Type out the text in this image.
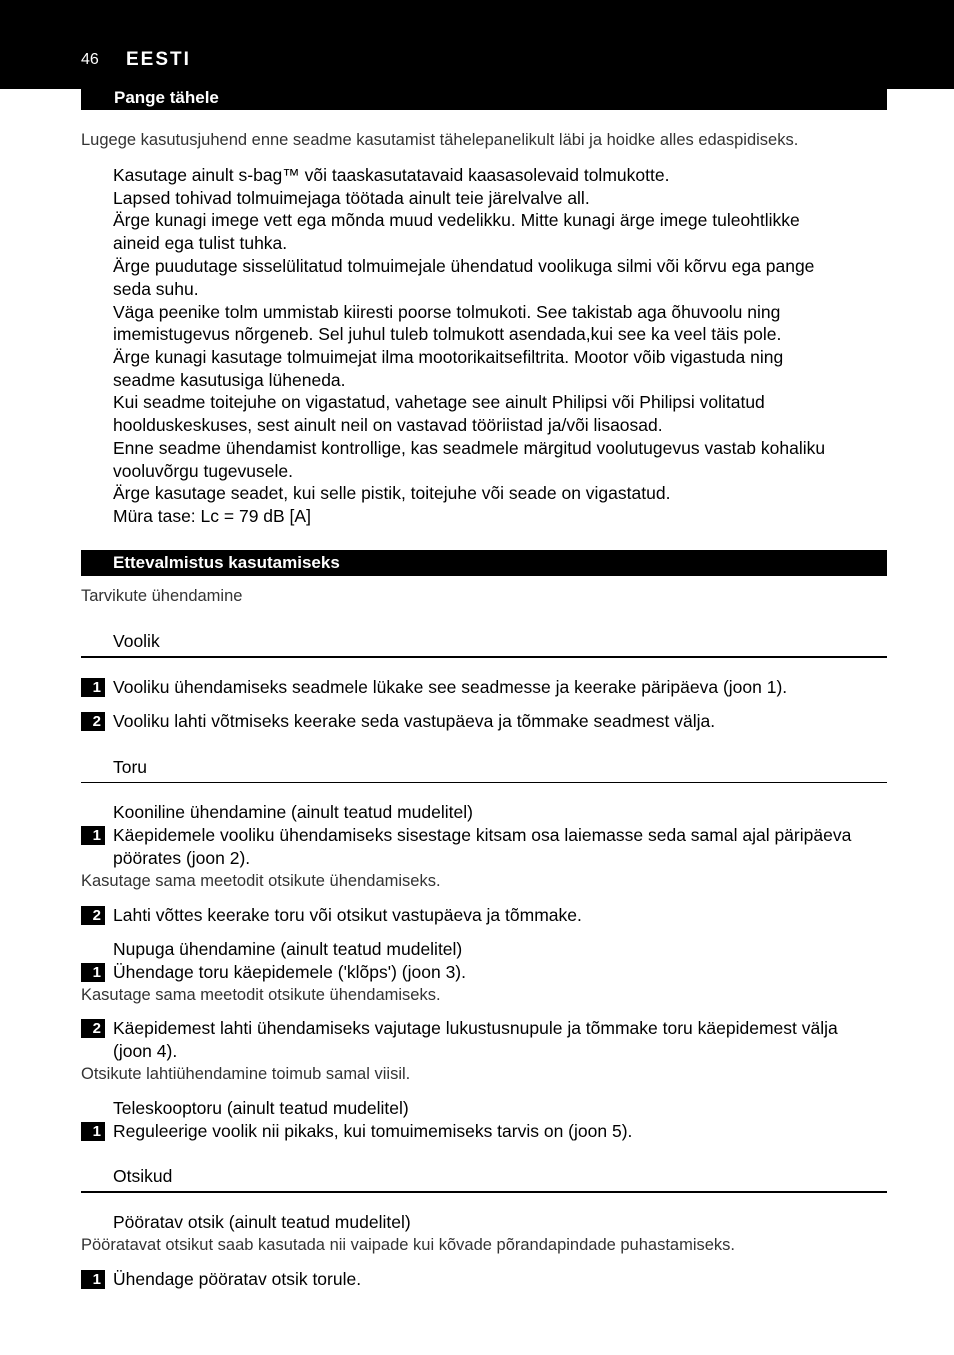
46 EESTI
Pange tähele
Lugege kasutusjuhend enne seadme kasutamist tähelepanelikult läbi ja hoidke alles edaspidiseks.
Kasutage ainult s-bag™ või taaskasutatavaid kaasasolevaid tolmukotte.
Lapsed tohivad tolmuimejaga töötada ainult teie järelvalve all.
Ärge kunagi imege vett ega mõnda muud vedelikku. Mitte kunagi ärge imege tuleohtlikke
aineid ega tulist tuhka.
Ärge puudutage sisselülitatud tolmuimejale ühendatud voolikuga silmi või kõrvu ega pange
seda suhu.
Väga peenike tolm ummistab kiiresti poorse tolmukoti. See takistab aga õhuvoolu ning
imemistugevus nõrgeneb. Sel juhul tuleb tolmukott asendada,kui see ka veel täis pole.
Ärge kunagi kasutage tolmuimejat ilma mootorikaitsefiltrita. Mootor võib vigastuda ning
seadme kasutusiga lüheneda.
Kui seadme toitejuhe on vigastatud, vahetage see ainult Philipsi või Philipsi volitatud
hoolduskeskuses, sest ainult neil on vastavad tööriistad ja/või lisaosad.
Enne seadme ühendamist kontrollige, kas seadmele märgitud voolutugevus vastab kohaliku
vooluvõrgu tugevusele.
Ärge kasutage seadet, kui selle pistik, toitejuhe või seade on vigastatud.
Müra tase: Lc = 79 dB [A]
Ettevalmistus kasutamiseks
Tarvikute ühendamine
Voolik
1 Vooliku ühendamiseks seadmele lükake see seadmesse ja keerake päripäeva (joon 1).
2 Vooliku lahti võtmiseks keerake seda vastupäeva ja tõmmake seadmest välja.
Toru
Kooniline ühendamine (ainult teatud mudelitel)
1 Käepidemele vooliku ühendamiseks sisestage kitsam osa laiemasse seda samal ajal päripäeva
pöörates (joon 2).
Kasutage sama meetodit otsikute ühendamiseks.
2 Lahti võttes keerake toru või otsikut vastupäeva ja tõmmake.
Nupuga ühendamine (ainult teatud mudelitel)
1 Ühendage toru käepidemele ('klõps') (joon 3).
Kasutage sama meetodit otsikute ühendamiseks.
2 Käepidemest lahti ühendamiseks vajutage lukustusnupule ja tõmmake toru käepidemest välja
(joon 4).
Otsikute lahtiühendamine toimub samal viisil.
Teleskooptoru (ainult teatud mudelitel)
1 Reguleerige voolik nii pikaks, kui tomuimemiseks tarvis on (joon 5).
Otsikud
Pööratav otsik (ainult teatud mudelitel)
Pööratavat otsikut saab kasutada nii vaipade kui kõvade põrandapindade puhastamiseks.
1 Ühendage pööratav otsik torule.
